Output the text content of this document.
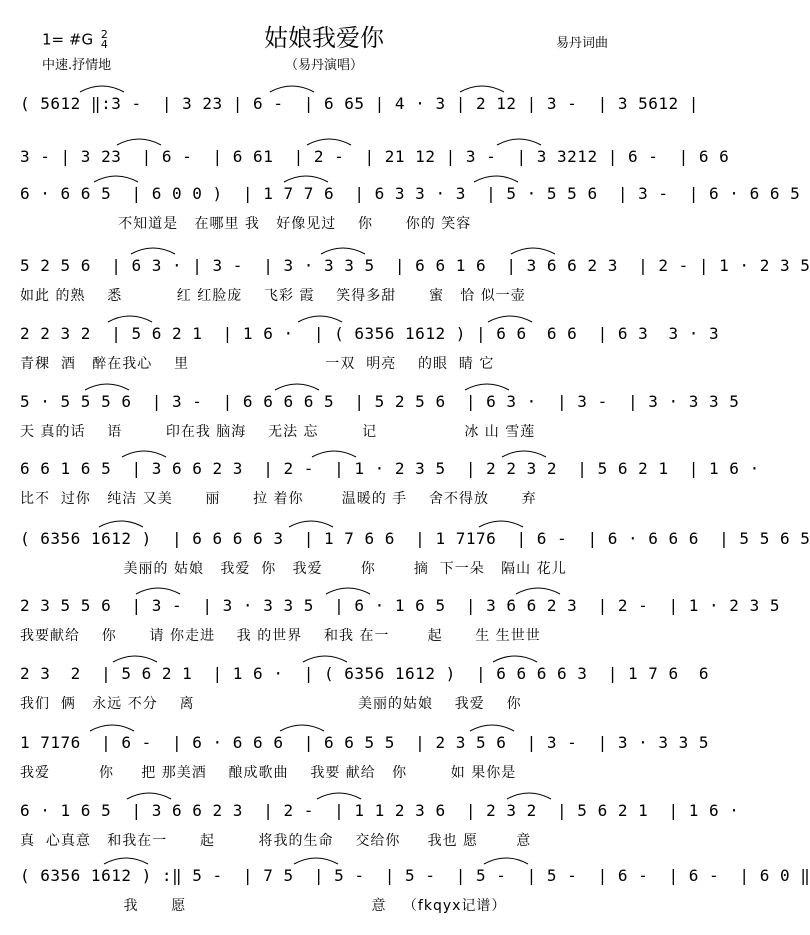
1= #G 2
4
中速.抒情地
姑娘我爱你
（易丹演唱）
易丹词曲
( 5612 ‖:3 -  | 3 23 | 6 -  | 6 65 | 4 · 3 | 2 12 | 3 -  | 3 5612 |
3 - | 3 23  | 6 -  | 6 61  | 2 -  | 21 12 | 3 -  | 3 3212 | 6 -  | 6 6
6 · 6 6 5  | 6 0 0 )  | 1 7 7 6  | 6 3 3 · 3  | 5 · 5 5 6  | 3 -  | 6 · 6 6 5
不知道是   在哪里 我   好像见过    你      你的 笑容
5 2 5 6  | 6 3 · | 3 -  | 3 · 3 3 5  | 6 6 1 6  | 3 6 6 2 3  | 2 - | 1 · 2 3 5
如此 的熟    悉          红 红脸庞    飞彩 霞    笑得多甜      蜜   恰 似一壶
2 2 3 2  | 5 6 2 1  | 1 6 ·  | ( 6356 1612 ) | 6 6  6 6  | 6 3  3 · 3
青稞  酒   醉在我心    里                         一双  明亮    的眼  睛 它
5 · 5 5 5 6  | 3 -  | 6 6 6 6 5  | 5 2 5 6  | 6 3 ·  | 3 -  | 3 · 3 3 5
天 真的话    语        印在我 脑海    无法 忘        记                冰 山 雪莲
6 6 1 6 5  | 3 6 6 2 3  | 2 -  | 1 · 2 3 5  | 2 2 3 2  | 5 6 2 1  | 1 6 ·
比不  过你   纯洁 又美      丽      拉 着你       温暖的 手    舍不得放      弃
( 6356 1612 )  | 6 6 6 6 3  | 1 7 6 6  | 1 7176  | 6 -  | 6 · 6 6 6  | 5 5 6 5
美丽的 姑娘   我爱  你   我爱       你       摘  下一朵   隔山 花儿
2 3 5 5 6  | 3 -  | 3 · 3 3 5  | 6 · 1 6 5  | 3 6 6 2 3  | 2 -  | 1 · 2 3 5
我要献给    你      请 你走进    我 的世界    和我 在一       起      生 生世世
2 3  2  | 5 6 2 1  | 1 6 ·  | ( 6356 1612 )  | 6 6 6 6 3  | 1 7 6  6
我们  俩   永远 不分    离                              美丽的姑娘    我爱    你
1 7176  | 6 -  | 6 · 6 6 6  | 6 6 5 5  | 2 3 5 6  | 3 -  | 3 · 3 3 5
我爱         你     把 那美酒    酿成歌曲    我要 献给   你        如 果你是
6 · 1 6 5  | 3 6 6 2 3  | 2 -  | 1 1 2 3 6  | 2 3 2  | 5 6 2 1  | 1 6 ·
真  心真意   和我在一      起        将我的生命    交给你     我也 愿       意
( 6356 1612 ) :‖ 5 -  | 7 5  | 5 -  | 5 -  | 5 -  | 5 -  | 6 -  | 6 -  | 6 0 ‖
我      愿                                  意   （fkqyx记谱）
